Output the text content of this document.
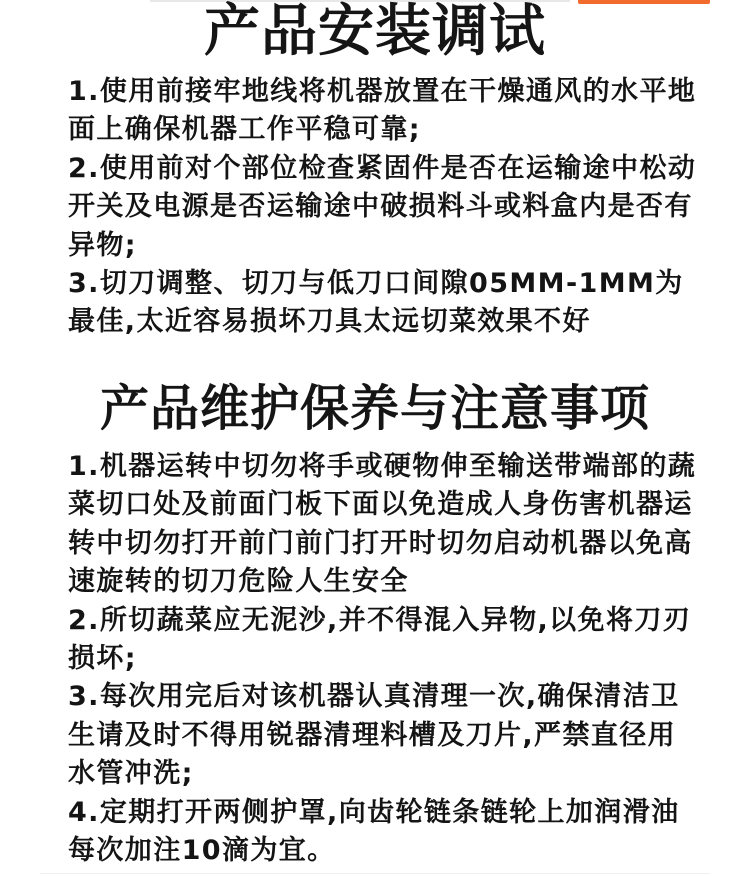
产品安装调试
1.使用前接牢地线将机器放置在干燥通风的水平地面上确保机器工作平稳可靠;
2.使用前对个部位检查紧固件是否在运输途中松动开关及电源是否运输途中破损料斗或料盒内是否有异物;
3.切刀调整、切刀与低刀口间隙05MM-1MM为最佳,太近容易损坏刀具太远切菜效果不好
产品维护保养与注意事项
1.机器运转中切勿将手或硬物伸至输送带端部的蔬菜切口处及前面门板下面以免造成人身伤害机器运转中切勿打开前门前门打开时切勿启动机器以免高速旋转的切刀危险人生安全
2.所切蔬菜应无泥沙,并不得混入异物,以免将刀刃损坏;
3.每次用完后对该机器认真清理一次,确保清洁卫生请及时不得用锐器清理料槽及刀片,严禁直径用水管冲洗;
4.定期打开两侧护罩,向齿轮链条链轮上加润滑油每次加注10滴为宜。
